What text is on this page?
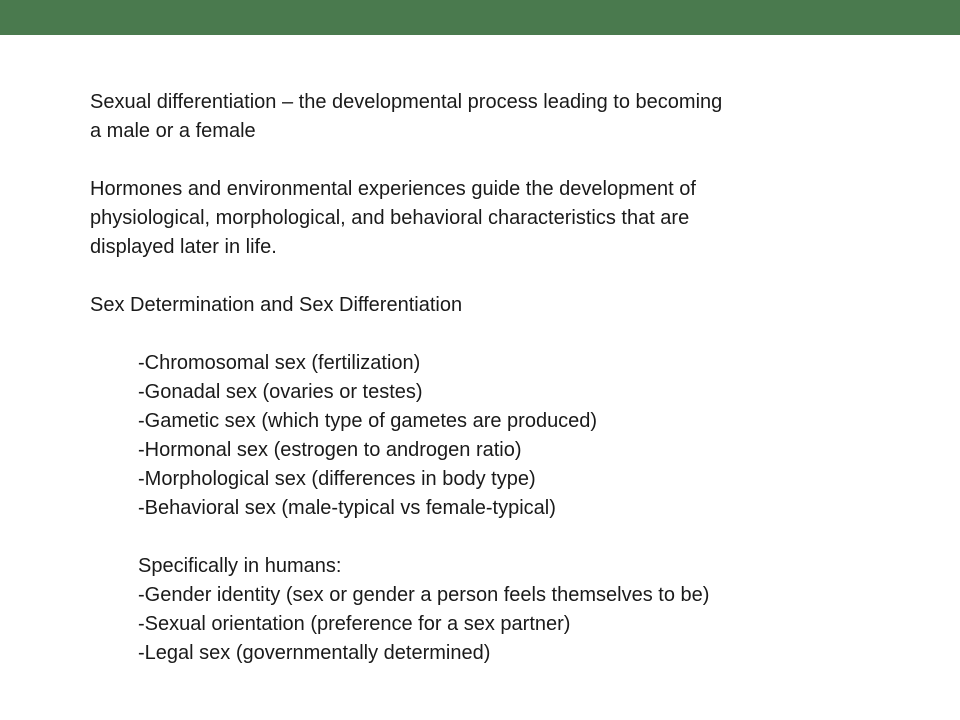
Sexual differentiation – the developmental process leading to becoming
a male or a female

Hormones and environmental experiences guide the development of
physiological, morphological, and behavioral characteristics that are
displayed later in life.

Sex Determination and Sex Differentiation

-Chromosomal sex (fertilization)
-Gonadal sex (ovaries or testes)
-Gametic sex (which type of gametes are produced)
-Hormonal sex (estrogen to androgen ratio)
-Morphological sex (differences in body type)
-Behavioral sex (male-typical vs female-typical)
Specifically in humans:
-Gender identity (sex or gender a person feels themselves to be)
-Sexual orientation (preference for a sex partner)
-Legal sex (governmentally determined)
